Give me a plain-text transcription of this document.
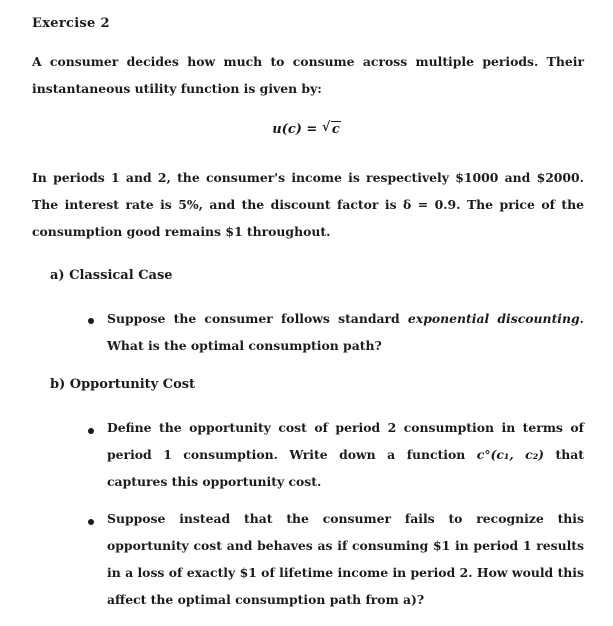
Exercise 2
A consumer decides how much to consume across multiple periods. Their instantaneous utility function is given by:
u(c) = √ c
In periods 1 and 2, the consumer's income is respectively $1000 and $2000. The interest rate is 5%, and the discount factor is δ = 0.9. The price of the consumption good remains $1 throughout.
a) Classical Case
Suppose the consumer follows standard exponential discounting. What is the optimal consumption path?
b) Opportunity Cost
Define the opportunity cost of period 2 consumption in terms of period 1 consumption. Write down a function c°(c₁, c₂) that captures this opportunity cost.
Suppose instead that the consumer fails to recognize this opportunity cost and behaves as if consuming $1 in period 1 results in a loss of exactly $1 of lifetime income in period 2. How would this affect the optimal consumption path from a)?
